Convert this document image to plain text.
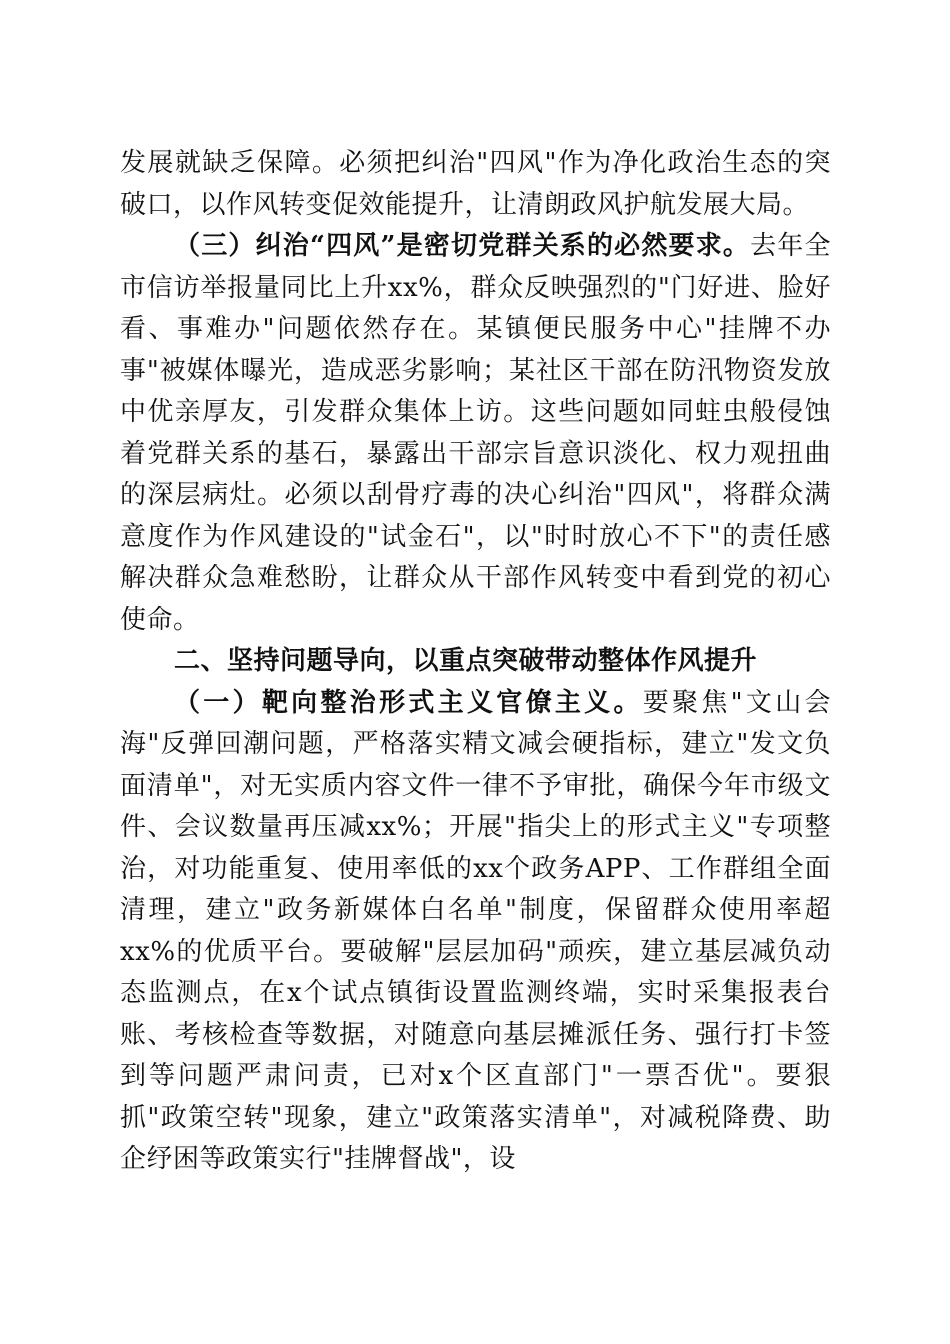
发展就缺乏保障。必须把纠治"四风"作为净化政治生态的突破口，以作风转变促效能提升，让清朗政风护航发展大局。

（三）纠治“四风”是密切党群关系的必然要求。去年全市信访举报量同比上升xx%，群众反映强烈的"门好进、脸好看、事难办"问题依然存在。某镇便民服务中心"挂牌不办事"被媒体曝光，造成恶劣影响；某社区干部在防汛物资发放中优亲厚友，引发群众集体上访。这些问题如同蛀虫般侵蚀着党群关系的基石，暴露出干部宗旨意识淡化、权力观扭曲的深层病灶。必须以刮骨疗毒的决心纠治"四风"，将群众满意度作为作风建设的"试金石"，以"时时放心不下"的责任感解决群众急难愁盼，让群众从干部作风转变中看到党的初心使命。

二、坚持问题导向，以重点突破带动整体作风提升

（一）靶向整治形式主义官僚主义。要聚焦"文山会海"反弹回潮问题，严格落实精文减会硬指标，建立"发文负面清单"，对无实质内容文件一律不予审批，确保今年市级文件、会议数量再压减xx%；开展"指尖上的形式主义"专项整治，对功能重复、使用率低的xx个政务APP、工作群组全面清理，建立"政务新媒体白名单"制度，保留群众使用率超xx%的优质平台。要破解"层层加码"顽疾，建立基层减负动态监测点，在x个试点镇街设置监测终端，实时采集报表台账、考核检查等数据，对随意向基层摊派任务、强行打卡签到等问题严肃问责，已对x个区直部门"一票否优"。要狠抓"政策空转"现象，建立"政策落实清单"，对减税降费、助企纾困等政策实行"挂牌督战"，设
